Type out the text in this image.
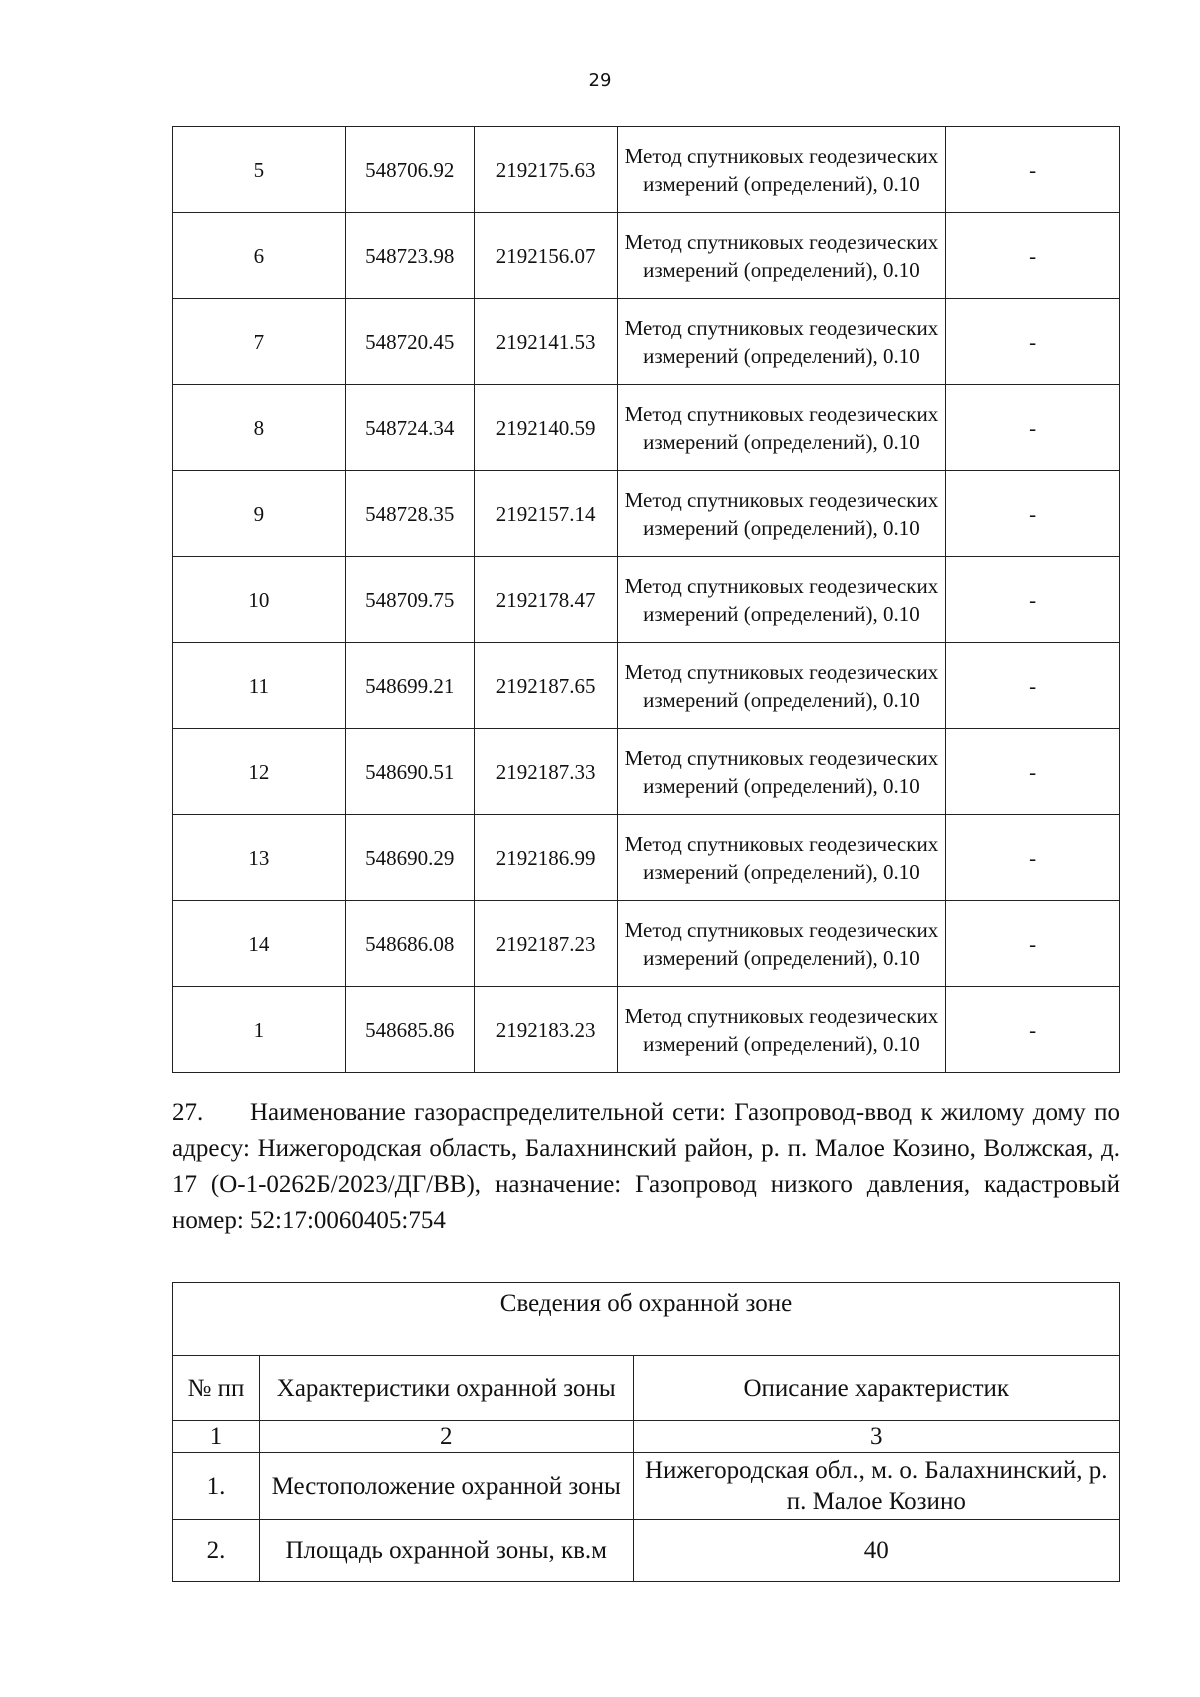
29
5	548706.92	2192175.63	Метод спутниковых геодезических измерений (определений), 0.10	-
6	548723.98	2192156.07	Метод спутниковых геодезических измерений (определений), 0.10	-
7	548720.45	2192141.53	Метод спутниковых геодезических измерений (определений), 0.10	-
8	548724.34	2192140.59	Метод спутниковых геодезических измерений (определений), 0.10	-
9	548728.35	2192157.14	Метод спутниковых геодезических измерений (определений), 0.10	-
10	548709.75	2192178.47	Метод спутниковых геодезических измерений (определений), 0.10	-
11	548699.21	2192187.65	Метод спутниковых геодезических измерений (определений), 0.10	-
12	548690.51	2192187.33	Метод спутниковых геодезических измерений (определений), 0.10	-
13	548690.29	2192186.99	Метод спутниковых геодезических измерений (определений), 0.10	-
14	548686.08	2192187.23	Метод спутниковых геодезических измерений (определений), 0.10	-
1	548685.86	2192183.23	Метод спутниковых геодезических измерений (определений), 0.10	-

27. Наименование газораспределительной сети: Газопровод-ввод к жилому дому по адресу: Нижегородская область, Балахнинский район, р. п. Малое Козино, Волжская, д. 17 (О-1-0262Б/2023/ДГ/ВВ), назначение: Газопровод низкого давления, кадастровый номер: 52:17:0060405:754

Сведения об охранной зоне		
№ пп	Характеристики охранной зоны	Описание характеристик
1	2	3
1.	Местоположение охранной зоны	Нижегородская обл., м. о. Балахнинский, р. п. Малое Козино
2.	Площадь охранной зоны, кв.м	40
